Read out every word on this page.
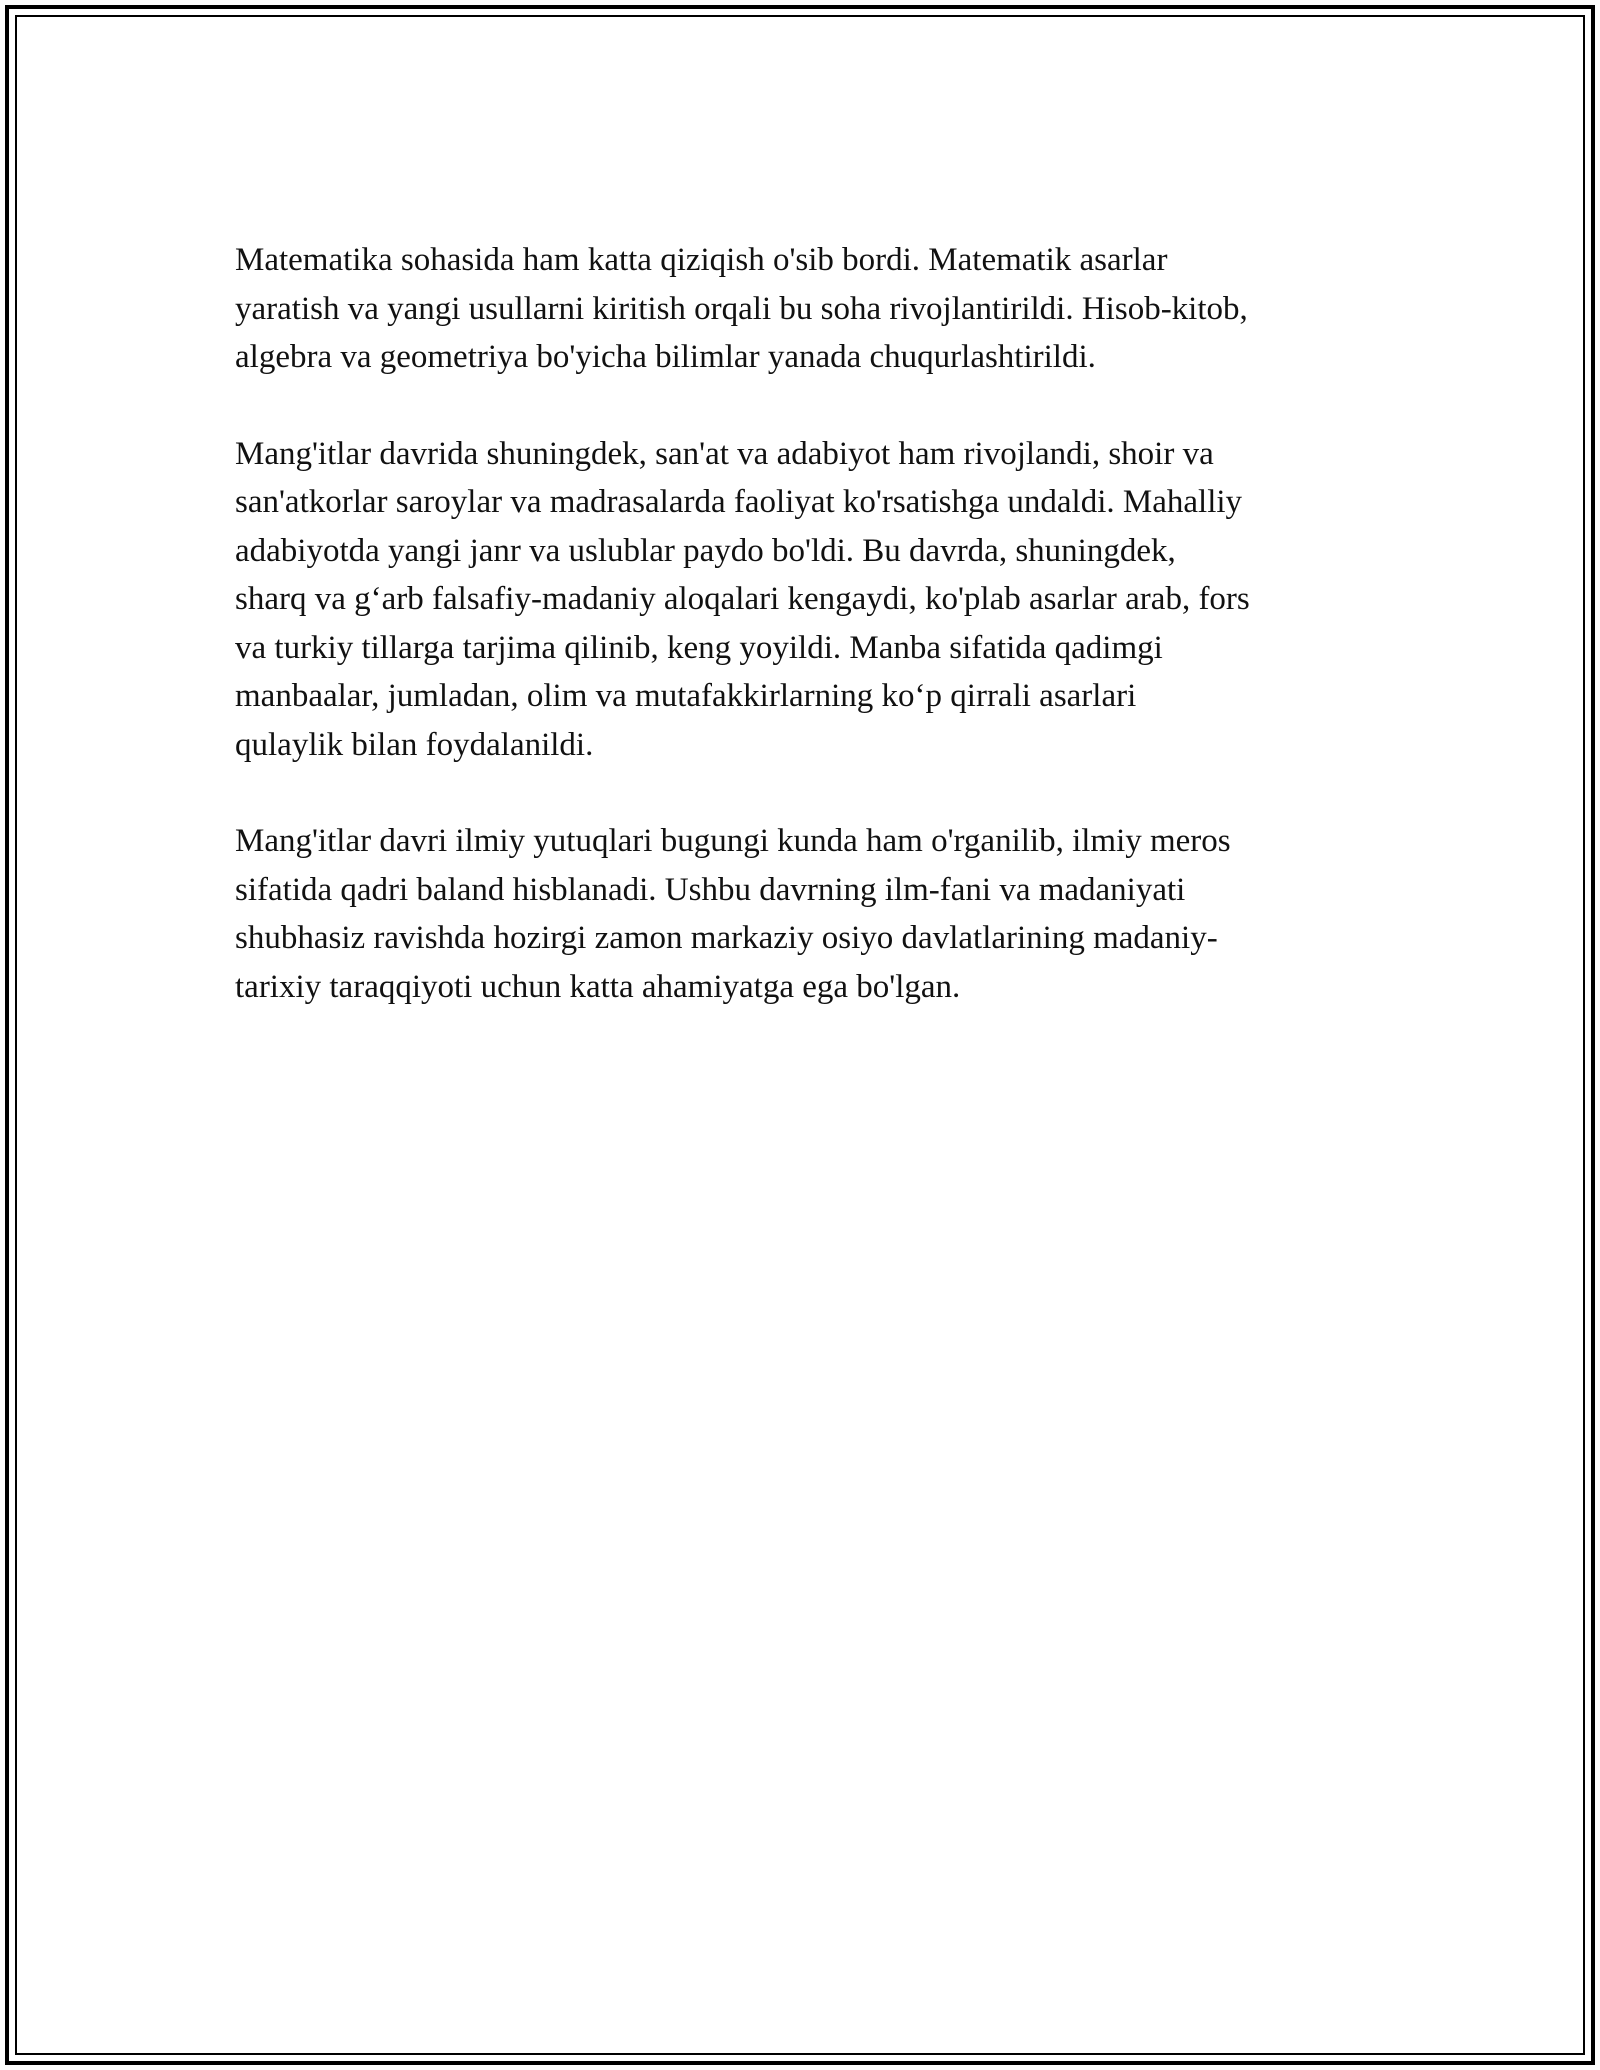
Matematika sohasida ham katta qiziqish o'sib bordi. Matematik asarlar
yaratish va yangi usullarni kiritish orqali bu soha rivojlantirildi. Hisob-kitob,
algebra va geometriya bo'yicha bilimlar yanada chuqurlashtirildi.

Mang'itlar davrida shuningdek, san'at va adabiyot ham rivojlandi, shoir va
san'atkorlar saroylar va madrasalarda faoliyat ko'rsatishga undaldi. Mahalliy
adabiyotda yangi janr va uslublar paydo bo'ldi. Bu davrda, shuningdek,
sharq va g‘arb falsafiy-madaniy aloqalari kengaydi, ko'plab asarlar arab, fors
va turkiy tillarga tarjima qilinib, keng yoyildi. Manba sifatida qadimgi
manbaalar, jumladan, olim va mutafakkirlarning ko‘p qirrali asarlari
qulaylik bilan foydalanildi.

Mang'itlar davri ilmiy yutuqlari bugungi kunda ham o'rganilib, ilmiy meros
sifatida qadri baland hisblanadi. Ushbu davrning ilm-fani va madaniyati
shubhasiz ravishda hozirgi zamon markaziy osiyo davlatlarining madaniy-
tarixiy taraqqiyoti uchun katta ahamiyatga ega bo'lgan.
